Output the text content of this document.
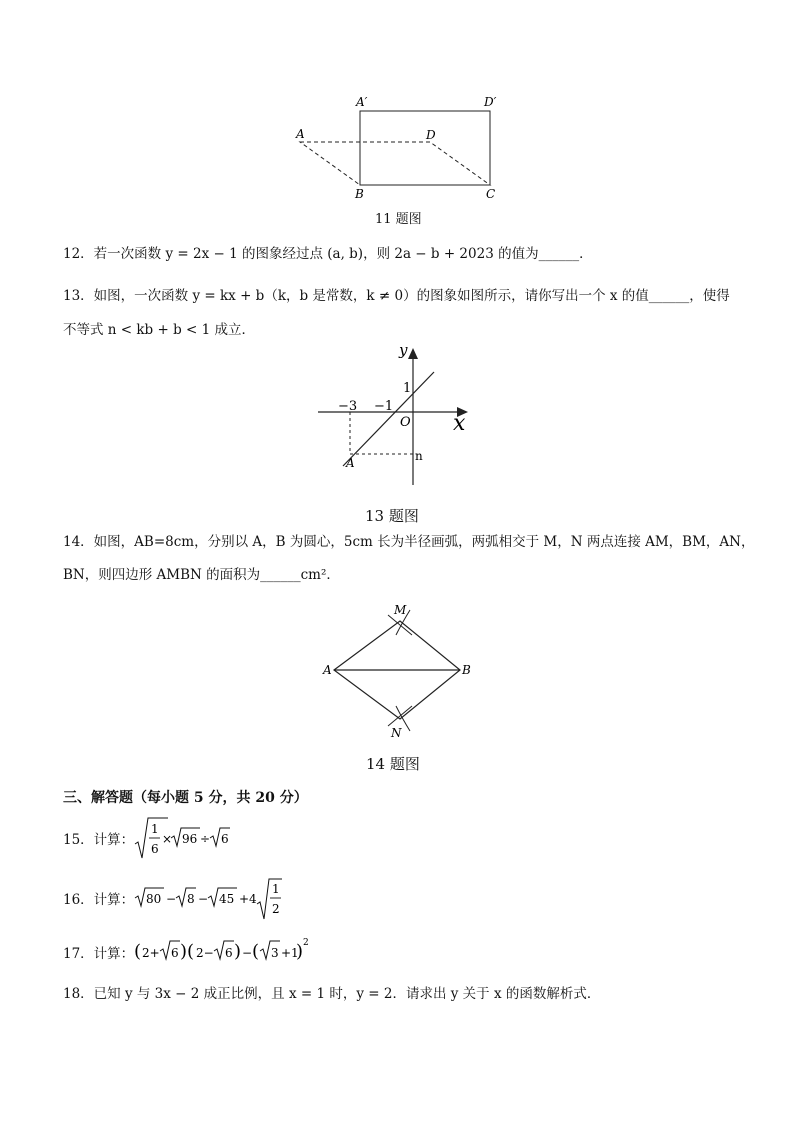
A′	D′
A	D
B	C
11 题图
12．若一次函数 y = 2x − 1 的图象经过点 (a, b)，则 2a − b + 2023 的值为______．
13．如图，一次函数 y = kx + b（k，b 是常数，k ≠ 0）的图象如图所示，请你写出一个 x 的值______，使得
不等式 n < kb + b < 1 成立．
y
x
1
O
−3 −1
A	n
13 题图
14．如图，AB=8cm，分别以 A，B 为圆心，5cm 长为半径画弧，两弧相交于 M，N 两点连接 AM，BM，AN，
BN，则四边形 AMBN 的面积为______cm²．
M
N
A	B
14 题图
三、解答题（每小题 5 分，共 20 分）
15．计算：
1
6
× 96 ÷ 6
16．计算： 80 − 8 − 45 + 4
1
2
17．计算： ( 2+ 6 )( 2− 6 ) − ( 3 +1
) 2
18．已知 y 与 3x − 2 成正比例，且 x = 1 时，y = 2．请求出 y 关于 x 的函数解析式．
